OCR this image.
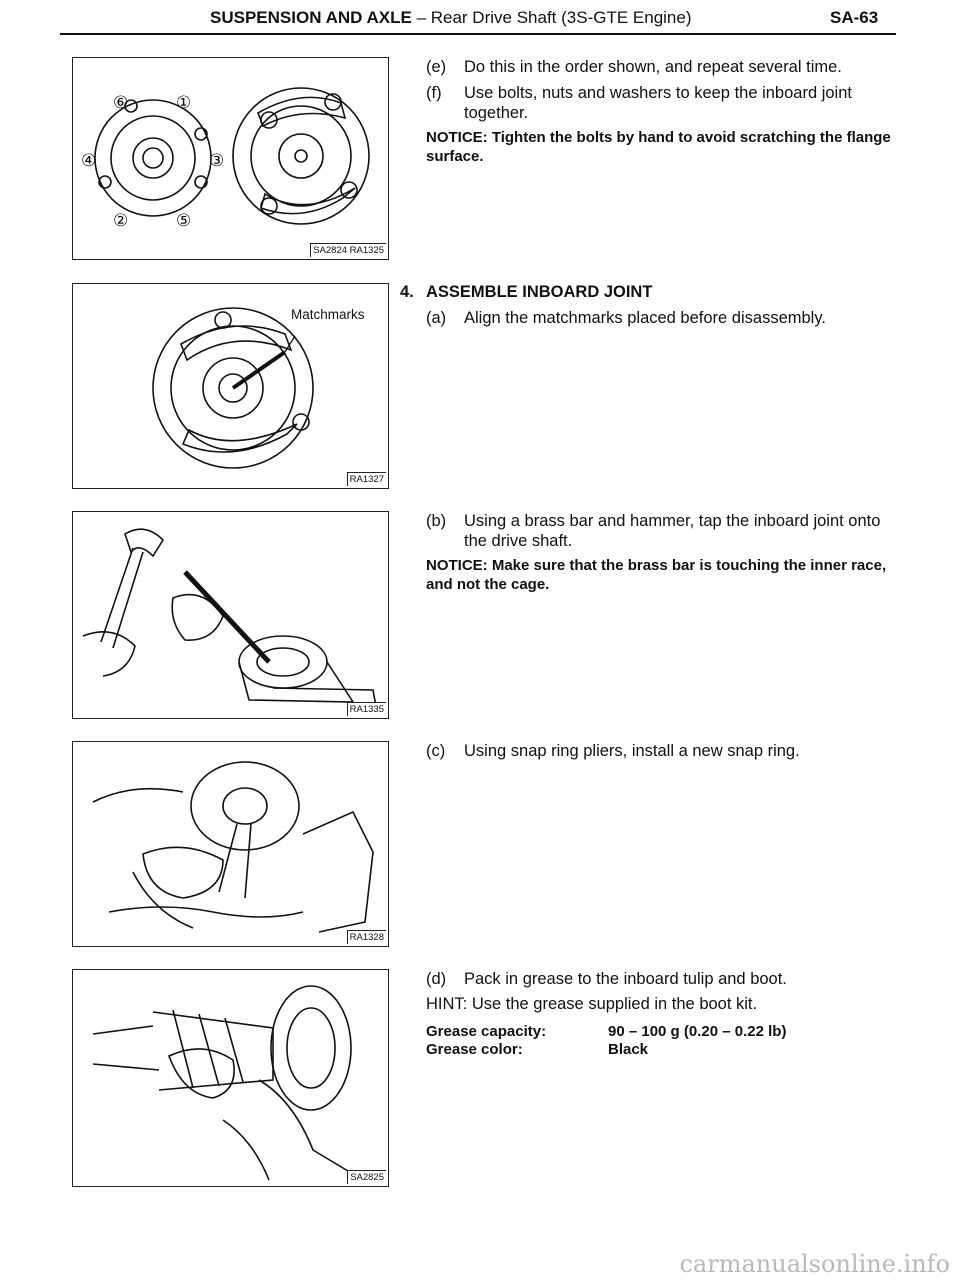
SUSPENSION AND AXLE – Rear Drive Shaft (3S-GTE Engine)	SA-63
⑥	①
④	③
②	⑤
SA2824 RA1325
Matchmarks
RA1327
RA1335
RA1328
SA2825
(e) Do this in the order shown, and repeat several time.
(f) Use bolts, nuts and washers to keep the inboard joint together.
NOTICE: Tighten the bolts by hand to avoid scratching the flange surface.
4. ASSEMBLE INBOARD JOINT
(a) Align the matchmarks placed before disassembly.
(b) Using a brass bar and hammer, tap the inboard joint onto the drive shaft.
NOTICE: Make sure that the brass bar is touching the inner race, and not the cage.
(c) Using snap ring pliers, install a new snap ring.
(d) Pack in grease to the inboard tulip and boot.
HINT: Use the grease supplied in the boot kit.
Grease capacity:	90 – 100 g (0.20 – 0.22 lb)
Grease color:	Black
carmanualsonline.info
